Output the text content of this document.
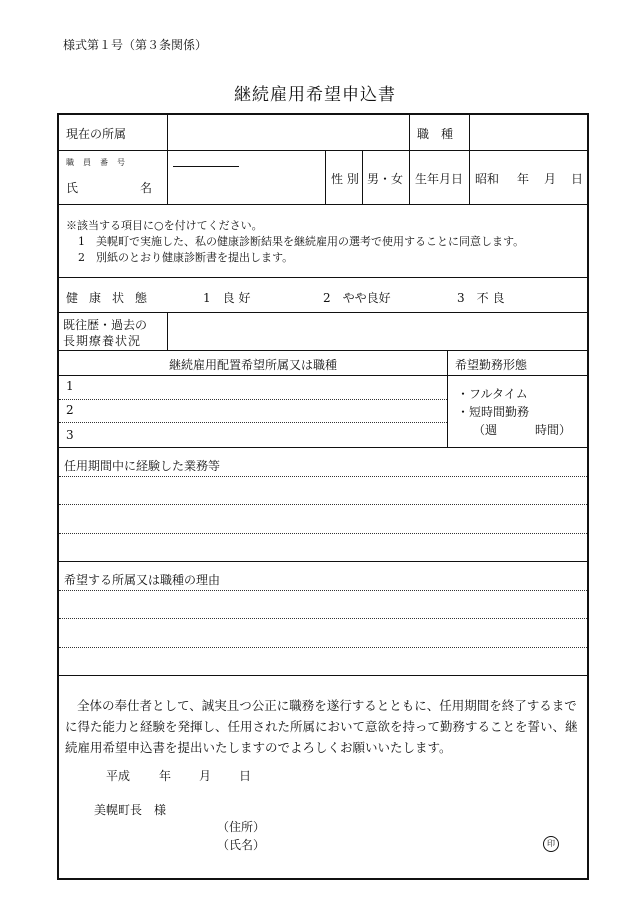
様式第１号（第３条関係）
継続雇用希望申込書
現在の所属	職　種
職員番号
氏名
性 別 男・女 生年月日 昭和 年 月 日
※該当する項目に○を付けてください。
1　美幌町で実施した、私の健康診断結果を継続雇用の選考で使用することに同意します。
2　別紙のとおり健康診断書を提出します。
健康状態	1　良 好	2　やや良好	3　不 良
既往歴・過去の
長期療養状況
継続雇用配置希望所属又は職種	希望勤務形態
1
2
3
・フルタイム
・短時間勤務
（週	時間）
任用期間中に経験した業務等
希望する所属又は職種の理由
全体の奉仕者として、誠実且つ公正に職務を遂行するとともに、任用期間を終了するまでに得た能力と経験を発揮し、任用された所属において意欲を持って勤務することを誓い、継続雇用希望申込書を提出いたしますのでよろしくお願いいたします。
平成 年 月 日
美幌町長　様
（住所）
（氏名）	印
